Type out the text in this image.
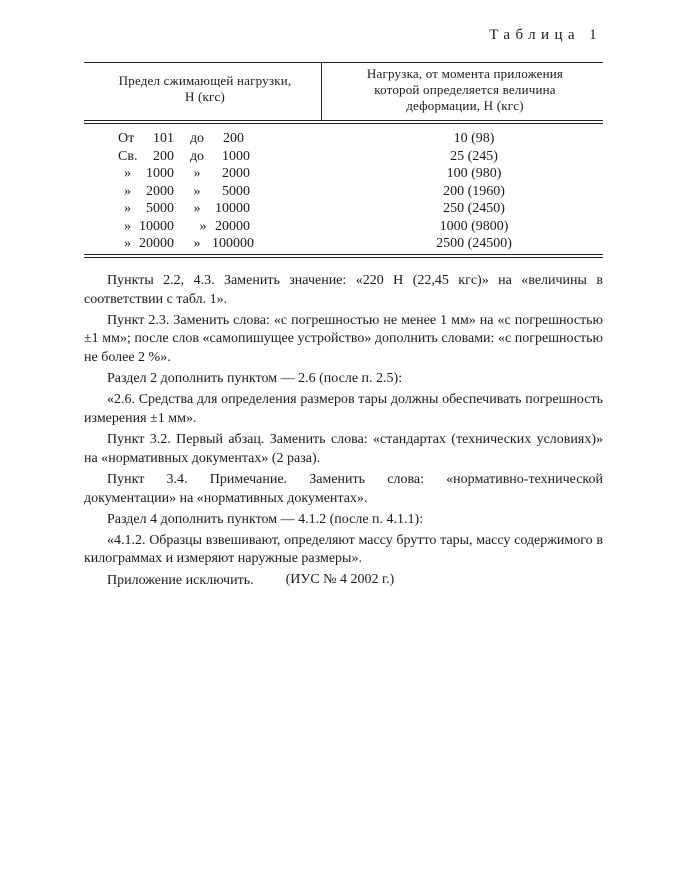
Таблица 1
Предел сжимающей нагрузки,
Н (кгс)
Нагрузка, от момента приложения
которой определяется величина
деформации, Н (кгс)
От	101	до	200	10 (98)
Св.	200	до	1000	25 (245)
»	1000	»	2000	100 (980)
»	2000	»	5000	200 (1960)
»	5000	»	10000	250 (2450)
» 10000	» 20000	1000 (9800)
» 20000	» 100000	2500 (24500)

Пункты 2.2, 4.3. Заменить значение: «220 Н (22,45 кгс)» на «величины в соответствии с табл. 1».

Пункт 2.3. Заменить слова: «с погрешностью не менее 1 мм» на «с погрешностью ±1 мм»; после слов «самопишущее устройство» дополнить словами: «с погрешностью не более 2 %».

Раздел 2 дополнить пунктом — 2.6 (после п. 2.5):

«2.6. Средства для определения размеров тары должны обеспечивать погрешность измерения ±1 мм».

Пункт 3.2. Первый абзац. Заменить слова: «стандартах (технических условиях)» на «нормативных документах» (2 раза).

Пункт 3.4. Примечание. Заменить слова: «нормативно-технической документации» на «нормативных документах».

Раздел 4 дополнить пунктом — 4.1.2 (после п. 4.1.1):

«4.1.2. Образцы взвешивают, определяют массу брутто тары, массу содержимого в килограммах и измеряют наружные размеры».

Приложение исключить.	(ИУС № 4 2002 г.)
